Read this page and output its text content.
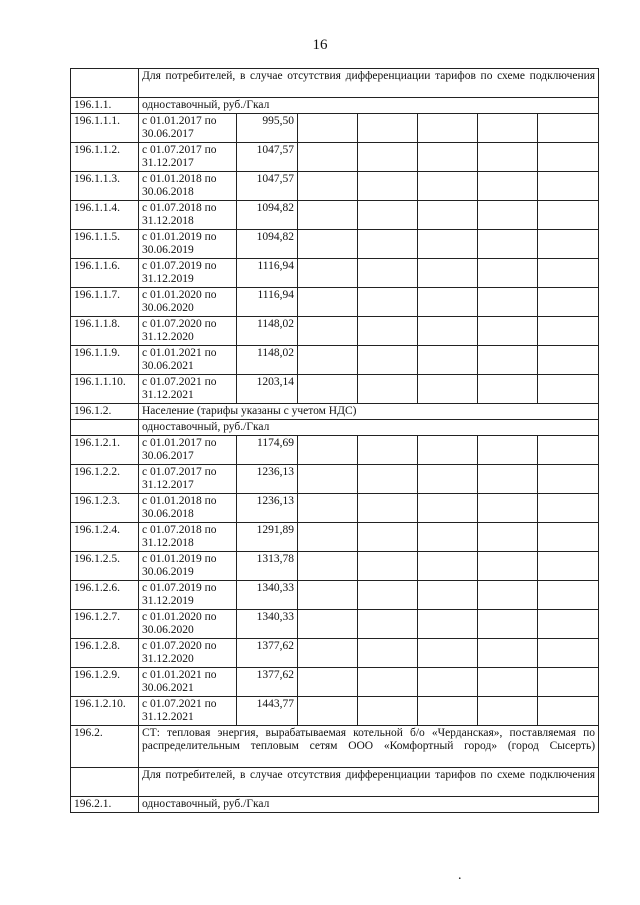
16
	Для потребителей, в случае отсутствия дифференциации тарифов по схеме подключения						
196.1.1.	одноставочный, руб./Гкал						
196.1.1.1.	с 01.01.2017 по 30.06.2017	995,50					
196.1.1.2.	с 01.07.2017 по 31.12.2017	1047,57					
196.1.1.3.	с 01.01.2018 по 30.06.2018	1047,57					
196.1.1.4.	с 01.07.2018 по 31.12.2018	1094,82					
196.1.1.5.	с 01.01.2019 по 30.06.2019	1094,82					
196.1.1.6.	с 01.07.2019 по 31.12.2019	1116,94					
196.1.1.7.	с 01.01.2020 по 30.06.2020	1116,94					
196.1.1.8.	с 01.07.2020 по 31.12.2020	1148,02					
196.1.1.9.	с 01.01.2021 по 30.06.2021	1148,02					
196.1.1.10.	с 01.07.2021 по 31.12.2021	1203,14					
196.1.2.	Население (тарифы указаны с учетом НДС)						
	одноставочный, руб./Гкал						
196.1.2.1.	с 01.01.2017 по 30.06.2017	1174,69					
196.1.2.2.	с 01.07.2017 по 31.12.2017	1236,13					
196.1.2.3.	с 01.01.2018 по 30.06.2018	1236,13					
196.1.2.4.	с 01.07.2018 по 31.12.2018	1291,89					
196.1.2.5.	с 01.01.2019 по 30.06.2019	1313,78					
196.1.2.6.	с 01.07.2019 по 31.12.2019	1340,33					
196.1.2.7.	с 01.01.2020 по 30.06.2020	1340,33					
196.1.2.8.	с 01.07.2020 по 31.12.2020	1377,62					
196.1.2.9.	с 01.01.2021 по 30.06.2021	1377,62					
196.1.2.10.	с 01.07.2021 по 31.12.2021	1443,77					
196.2.	СТ: тепловая энергия, вырабатываемая котельной б/о «Черданская», поставляемая по распределительным тепловым сетям ООО «Комфортный город» (город Сысерть)						
	Для потребителей, в случае отсутствия дифференциации тарифов по схеме подключения						
196.2.1.	одноставочный, руб./Гкал						
.
